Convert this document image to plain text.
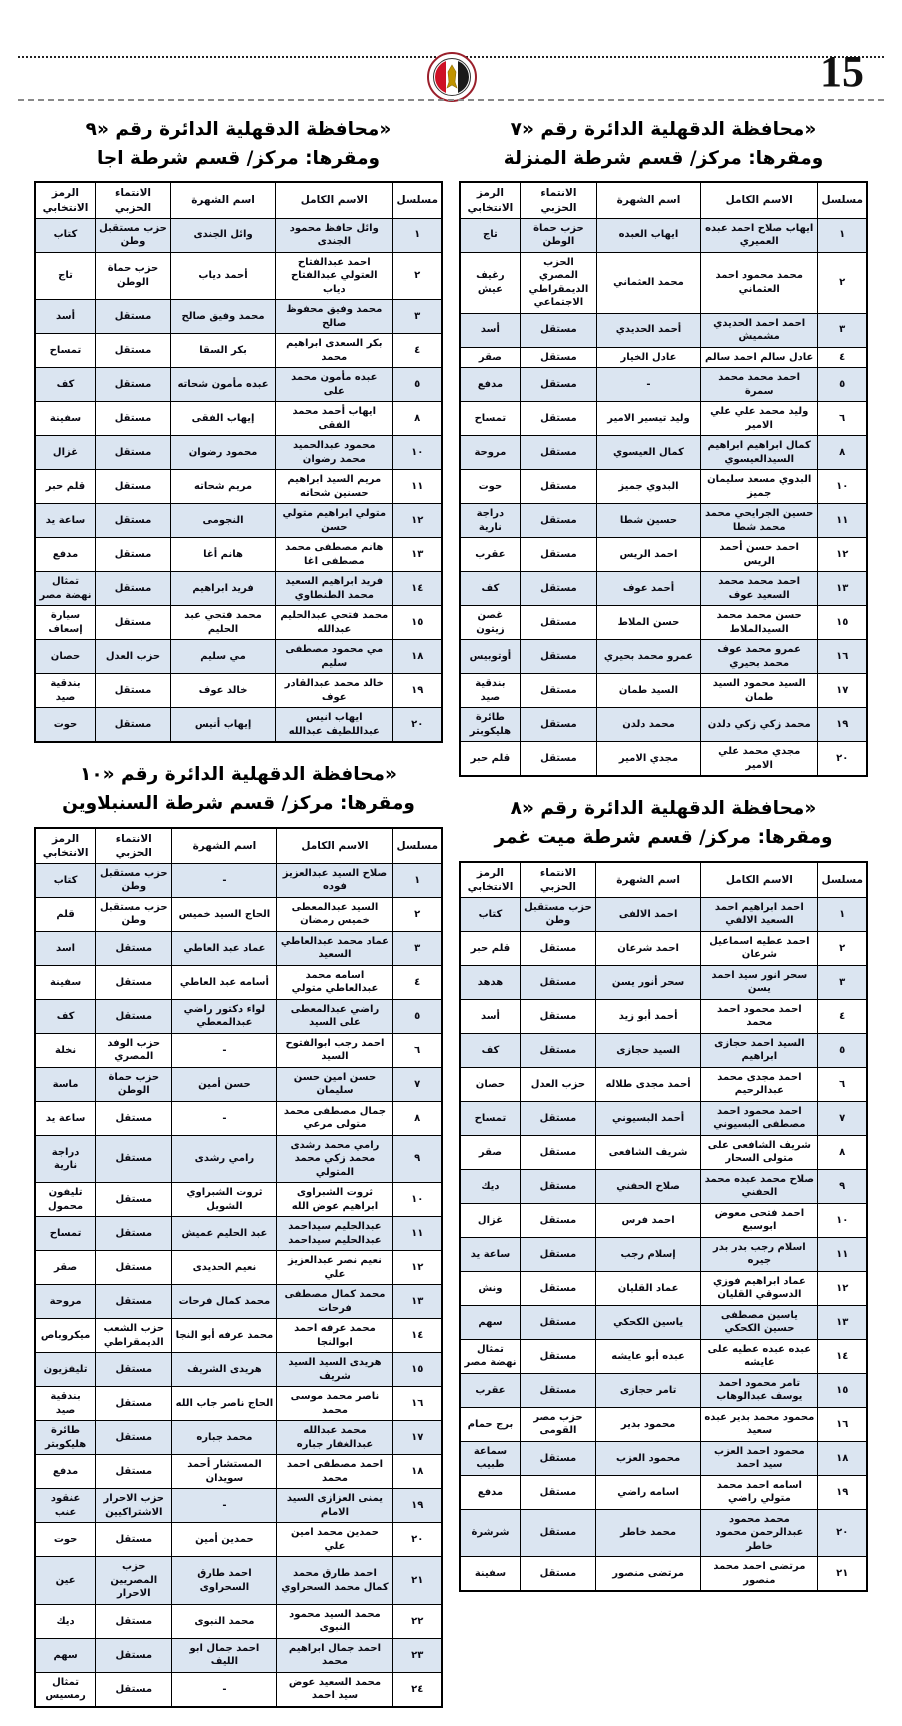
15
محافظة الدقهلية الدائرة رقم «٧»
ومقرها: مركز/ قسم شرطة المنزلة
مسلسل	الاسم الكامل	اسم الشهرة	الانتماء الحزبي	الرمز الانتخابي
١	ايهاب صلاح احمد عبده العميري	ايهاب العبده	حزب حماة الوطن	تاج
٢	محمد محمود احمد العثماني	محمد العثماني	الحزب المصري الديمقراطي الاجتماعي	رغيف عيش
٣	احمد احمد الحديدي مشميش	أحمد الحديدي	مستقل	أسد
٤	عادل سالم احمد سالم	عادل الخيار	مستقل	صقر
٥	احمد محمد محمد سمرة	-	مستقل	مدفع
٦	وليد محمد علي علي الامير	وليد تيسير الامير	مستقل	تمساح
٨	كمال ابراهيم ابراهيم السيدالعيسوي	كمال العيسوي	مستقل	مروحة
١٠	البدوي مسعد سليمان جميز	البدوي جميز	مستقل	حوت
١١	حسين الجرايحي محمد محمد شطا	حسين شطا	مستقل	دراجة نارية
١٢	احمد حسن أحمد الريس	احمد الريس	مستقل	عقرب
١٣	احمد محمد محمد السعيد عوف	أحمد عوف	مستقل	كف
١٥	حسن محمد محمد السيدالملاط	حسن الملاط	مستقل	غصن زيتون
١٦	عمرو محمد عوف محمد بحيري	عمرو محمد بحيري	مستقل	أوتوبيس
١٧	السيد محمود السيد طمان	السيد طمان	مستقل	بندقية صيد
١٩	محمد زكي زكي دلدن	محمد دلدن	مستقل	طائرة هليكوبتر
٢٠	مجدي محمد علي الامير	مجدي الامير	مستقل	قلم حبر
محافظة الدقهلية الدائرة رقم «٨»
ومقرها: مركز/ قسم شرطة ميت غمر
مسلسل	الاسم الكامل	اسم الشهرة	الانتماء الحزبي	الرمز الانتخابي
١	احمد ابراهيم احمد السعيد الالفي	احمد الالفى	حزب مستقبل وطن	كتاب
٢	احمد عطيه اسماعيل شرعان	احمد شرعان	مستقل	قلم حبر
٣	سحر انور سيد احمد يسن	سحر أنور يسن	مستقل	هدهد
٤	احمد محمود احمد محمد	أحمد أبو زيد	مستقل	أسد
٥	السيد احمد حجازى ابراهيم	السيد حجازى	مستقل	كف
٦	احمد مجدى محمد عبدالرحيم	أحمد مجدى طلاله	حزب العدل	حصان
٧	احمد محمود احمد مصطفى البسيوني	أحمد البسيوني	مستقل	تمساح
٨	شريف الشافعى على متولى السحار	شريف الشافعى	مستقل	صقر
٩	صلاح محمد عبده محمد الحفني	صلاح الحفني	مستقل	ديك
١٠	احمد فتحى معوض ابوسبع	احمد فرس	مستقل	غزال
١١	اسلام رجب بدر بدر جيره	إسلام رجب	مستقل	ساعة يد
١٢	عماد ابراهيم فوزي الدسوقي القليان	عماد القليان	مستقل	ونش
١٣	ياسين مصطفى حسين الكحكي	ياسين الكحكي	مستقل	سهم
١٤	عبده عبده عطيه على عايشه	عبده أبو عايشه	مستقل	تمثال نهضة مصر
١٥	تامر محمود احمد يوسف عبدالوهاب	تامر حجازى	مستقل	عقرب
١٦	محمود محمد بدير عبده سعيد	محمود بدير	حزب مصر القومى	برج حمام
١٨	محمود احمد العزب سيد احمد	محمود العزب	مستقل	سماعة طبيب
١٩	اسامه احمد محمد متولي راضي	اسامه راضي	مستقل	مدفع
٢٠	محمد محمود عبدالرحمن محمود خاطر	محمد خاطر	مستقل	شرشرة
٢١	مرتضى احمد محمد منصور	مرتضى منصور	مستقل	سفينة
محافظة الدقهلية الدائرة رقم «٩»
ومقرها: مركز/ قسم شرطة اجا
مسلسل	الاسم الكامل	اسم الشهرة	الانتماء الحزبي	الرمز الانتخابي
١	وائل حافظ محمود الجندى	وائل الجندى	حزب مستقبل وطن	كتاب
٢	احمد عبدالفتاح العتولي عبدالفتاح دياب	أحمد دياب	حزب حماة الوطن	تاج
٣	محمد وفيق محفوظ صالح	محمد وفيق صالح	مستقل	أسد
٤	بكر السعدى ابراهيم محمد	بكر السقا	مستقل	تمساح
٥	عبده مأمون محمد على	عبده مأمون شحاته	مستقل	كف
٨	ايهاب أحمد محمد الفقى	إيهاب الفقى	مستقل	سفينة
١٠	محمود عبدالحميد محمد رضوان	محمود رضوان	مستقل	غزال
١١	مريم السيد ابراهيم حسنين شحاته	مريم شحاته	مستقل	قلم حبر
١٢	متولي ابراهيم متولي حسن	النجومى	مستقل	ساعة يد
١٣	هانم مصطفى محمد مصطفى اغا	هانم أغا	مستقل	مدفع
١٤	فريد ابراهيم السعيد محمد الطنطاوي	فريد ابراهيم	مستقل	تمثال نهضة مصر
١٥	محمد فتحي عبدالحليم عبدالله	محمد فتحي عبد الحليم	مستقل	سيارة إسعاف
١٨	مي محمود مصطفى سليم	مي سليم	حزب العدل	حصان
١٩	خالد محمد عبدالقادر عوف	خالد عوف	مستقل	بندقية صيد
٢٠	ايهاب انيس عبداللطيف عبدالله	إيهاب أنيس	مستقل	حوت
محافظة الدقهلية الدائرة رقم «١٠»
ومقرها: مركز/ قسم شرطة السنبلاوين
مسلسل	الاسم الكامل	اسم الشهرة	الانتماء الحزبي	الرمز الانتخابي
١	صلاح السيد عبدالعزيز فوده	-	حزب مستقبل وطن	كتاب
٢	السيد عبدالمعطى خميس رمضان	الحاج السيد خميس	حزب مستقبل وطن	قلم
٣	عماد محمد عبدالعاطي السعيد	عماد عبد العاطي	مستقل	اسد
٤	اسامه محمد عبدالعاطي متولي	أسامه عبد العاطي	مستقل	سفينة
٥	راضي عبدالمعطى على السيد	لواء دكتور راضي عبدالمعطي	مستقل	كف
٦	احمد رجب ابوالفتوح السيد	-	حزب الوفد المصري	نخلة
٧	حسن امين حسن سليمان	حسن أمين	حزب حماة الوطن	ماسة
٨	جمال مصطفى محمد متولى مرعي	-	مستقل	ساعة يد
٩	رامي محمد رشدى محمد زكي محمد المتولي	رامي رشدى	مستقل	دراجة نارية
١٠	ثروت الشبراوى ابراهيم عوض الله	ثروت الشبراوي الشويل	مستقل	تليفون محمول
١١	عبدالحليم سيداحمد عبدالحليم سيداحمد	عبد الحليم عميش	مستقل	تمساح
١٢	نعيم نصر عبدالعزيز علي	نعيم الحديدى	مستقل	صقر
١٣	محمد كمال مصطفى فرحات	محمد كمال فرحات	مستقل	مروحة
١٤	محمد عرفه احمد ابوالنجا	محمد عرفه أبو النجا	حزب الشعب الديمقراطي	ميكروباص
١٥	هريدى السيد السيد شريف	هريدى الشريف	مستقل	تليفزيون
١٦	ناصر محمد موسى محمد	الحاج ناصر جاب الله	مستقل	بندقية صيد
١٧	محمد عبدالله عبدالغفار جباره	محمد جباره	مستقل	طائرة هليكوبتر
١٨	احمد مصطفى احمد محمد	المستشار أحمد سويدان	مستقل	مدفع
١٩	يمنى العزازى السيد الامام	-	حزب الاحرار الاشتراكيين	عنقود عنب
٢٠	حمدين محمد امين علي	حمدين أمين	مستقل	حوت
٢١	احمد طارق محمد كمال محمد السحراوي	احمد طارق السحراوى	حزب المصريين الاحرار	عين
٢٢	محمد السيد محمود النبوى	محمد النبوى	مستقل	ديك
٢٣	احمد جمال ابراهيم محمد	احمد جمال ابو الليف	مستقل	سهم
٢٤	محمد السعيد عوض سيد احمد	-	مستقل	تمثال رمسيس
